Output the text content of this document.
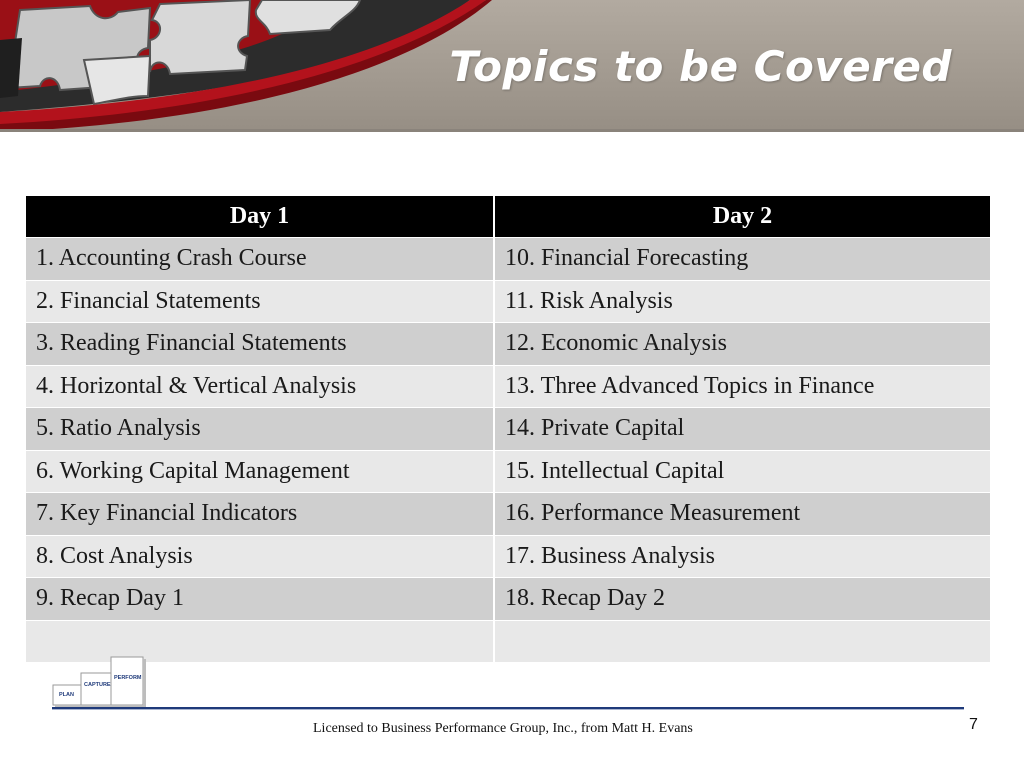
Topics to be Covered
Day 1	Day 2
1. Accounting Crash Course	10. Financial Forecasting
2. Financial Statements	11. Risk Analysis
3. Reading Financial Statements	12. Economic Analysis
4. Horizontal & Vertical Analysis	13. Three Advanced Topics in Finance
5. Ratio Analysis	14. Private Capital
6. Working Capital Management	15. Intellectual Capital
7. Key Financial Indicators	16. Performance Measurement
8. Cost Analysis	17. Business Analysis
9. Recap Day 1	18. Recap Day 2

PLAN
CAPTURE
PERFORM
Licensed to Business Performance Group, Inc., from Matt H. Evans	7
